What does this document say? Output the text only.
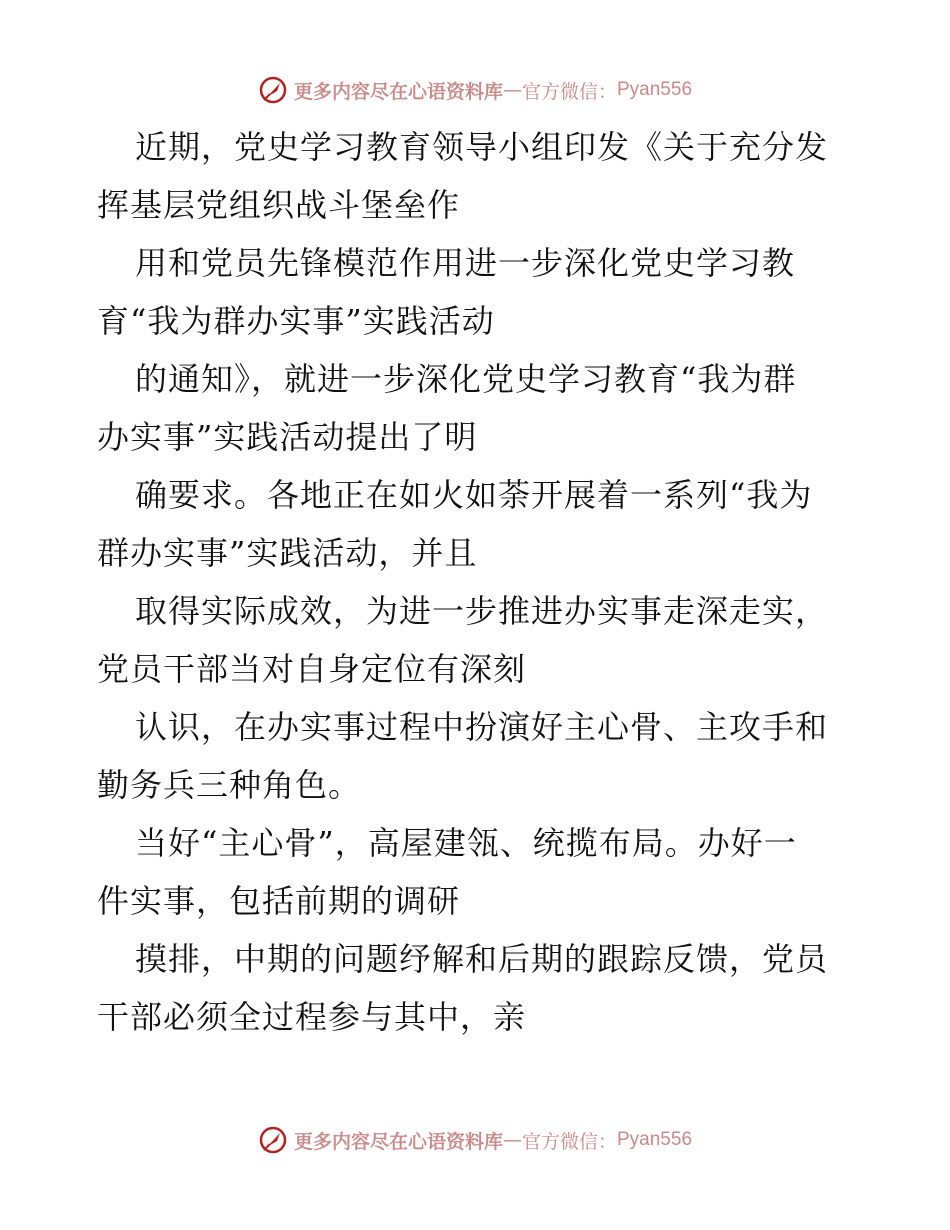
更多内容尽在心语资料库 — 官方微信： Pyan556
近期，党史学习教育领导小组印发《关于充分发
挥基层党组织战斗堡垒作
用和党员先锋模范作用进一步深化党史学习教
育“我为群办实事”实践活动
的通知》，就进一步深化党史学习教育“我为群
办实事”实践活动提出了明
确要求。各地正在如火如荼开展着一系列“我为
群办实事”实践活动，并且
取得实际成效，为进一步推进办实事走深走实，
党员干部当对自身定位有深刻
认识，在办实事过程中扮演好主心骨、主攻手和
勤务兵三种角色。
当好“主心骨”，高屋建瓴、统揽布局。办好一
件实事，包括前期的调研
摸排，中期的问题纾解和后期的跟踪反馈，党员
干部必须全过程参与其中，亲
更多内容尽在心语资料库 — 官方微信： Pyan556
